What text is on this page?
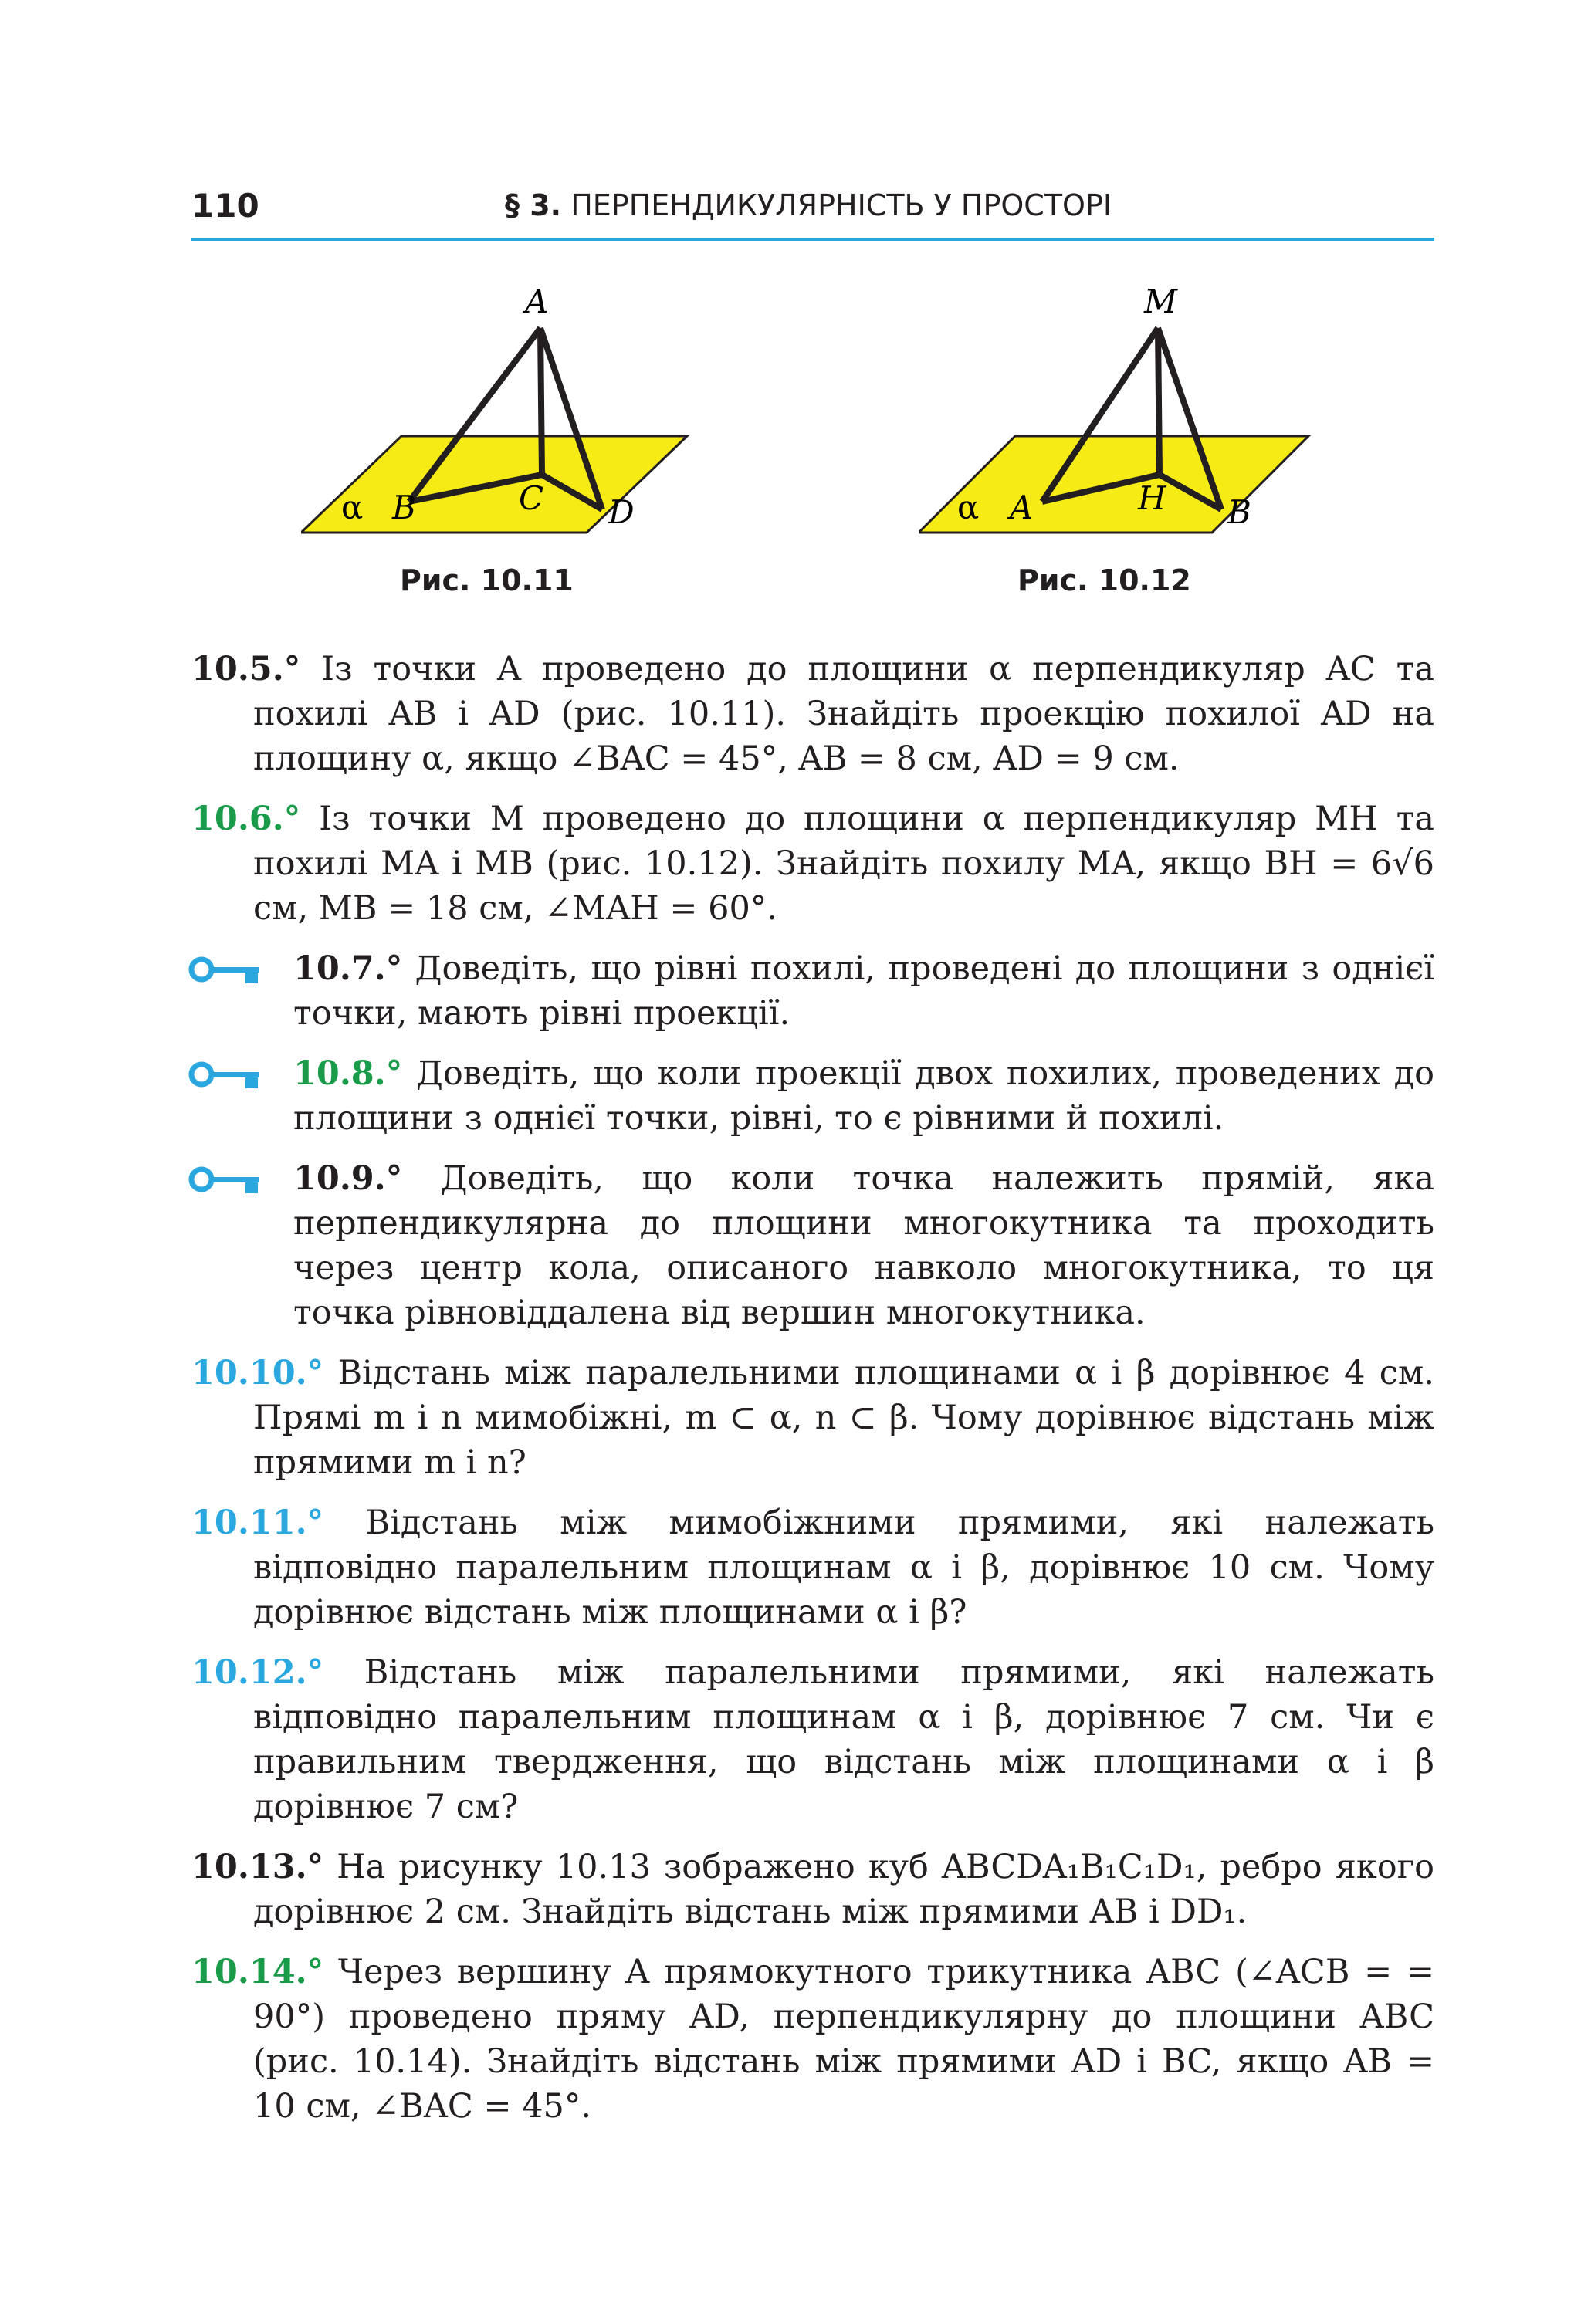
110	§ 3. ПЕРПЕНДИКУЛЯРНІСТЬ У ПРОСТОРІ
A
α B	C D
Рис. 10.11
M
α A	H B
Рис. 10.12
10.5.° Із точки A проведено до площини α перпендикуляр AC та похилі AB і AD (рис. 10.11). Знайдіть проекцію похилої AD на площину α, якщо ∠BAC = 45°, AB = 8 см, AD = 9 см.
10.6.° Із точки M проведено до площини α перпендикуляр MH та похилі MA і MB (рис. 10.12). Знайдіть похилу MA, якщо BH = 6√6 см, MB = 18 см, ∠MAH = 60°.
10.7.° Доведіть, що рівні похилі, проведені до площини з однієї точки, мають рівні проекції.
10.8.° Доведіть, що коли проекції двох похилих, проведених до площини з однієї точки, рівні, то є рівними й похилі.
10.9.° Доведіть, що коли точка належить прямій, яка перпендикулярна до площини многокутника та проходить через центр кола, описаного навколо многокутника, то ця точка рівновіддалена від вершин многокутника.
10.10.° Відстань між паралельними площинами α і β дорівнює 4 см. Прямі m і n мимобіжні, m ⊂ α, n ⊂ β. Чому дорівнює відстань між прямими m і n?
10.11.° Відстань між мимобіжними прямими, які належать відповідно паралельним площинам α і β, дорівнює 10 см. Чому дорівнює відстань між площинами α і β?
10.12.° Відстань між паралельними прямими, які належать відповідно паралельним площинам α і β, дорівнює 7 см. Чи є правильним твердження, що відстань між площинами α і β дорівнює 7 см?
10.13.° На рисунку 10.13 зображено куб ABCDA₁B₁C₁D₁, ребро якого дорівнює 2 см. Знайдіть відстань між прямими AB і DD₁.
10.14.° Через вершину A прямокутного трикутника ABC (∠ACB = = 90°) проведено пряму AD, перпендикулярну до площини ABC (рис. 10.14). Знайдіть відстань між прямими AD і BC, якщо AB = 10 см, ∠BAC = 45°.
